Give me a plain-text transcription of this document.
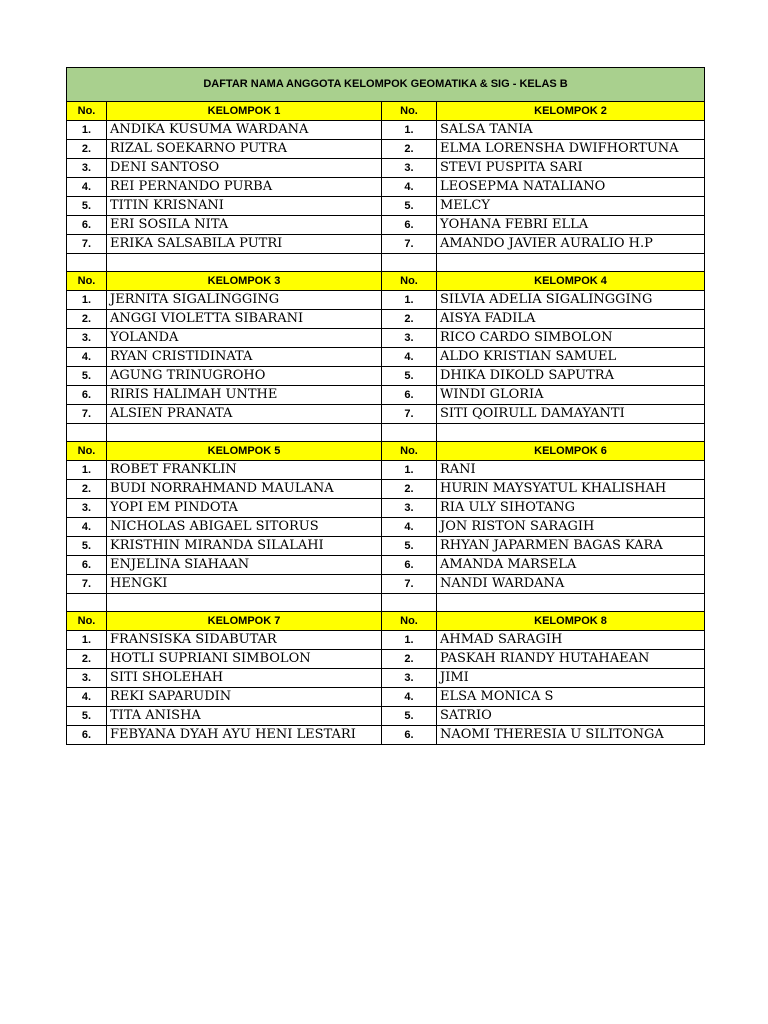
DAFTAR NAMA ANGGOTA KELOMPOK GEOMATIKA & SIG - KELAS B			
No.	KELOMPOK 1	No.	KELOMPOK 2
1.	ANDIKA KUSUMA WARDANA	1.	SALSA TANIA
2.	RIZAL SOEKARNO PUTRA	2.	ELMA LORENSHA DWIFHORTUNA
3.	DENI SANTOSO	3.	STEVI PUSPITA SARI
4.	REI PERNANDO PURBA	4.	LEOSEPMA NATALIANO
5.	TITIN KRISNANI	5.	MELCY
6.	ERI SOSILA NITA	6.	YOHANA FEBRI ELLA
7.	ERIKA SALSABILA PUTRI	7.	AMANDO JAVIER AURALIO H.P

No.	KELOMPOK 3	No.	KELOMPOK 4
1.	JERNITA SIGALINGGING	1.	SILVIA ADELIA SIGALINGGING
2.	ANGGI VIOLETTA SIBARANI	2.	AISYA FADILA
3.	YOLANDA	3.	RICO CARDO SIMBOLON
4.	RYAN CRISTIDINATA	4.	ALDO KRISTIAN SAMUEL
5.	AGUNG TRINUGROHO	5.	DHIKA DIKOLD SAPUTRA
6.	RIRIS HALIMAH UNTHE	6.	WINDI GLORIA
7.	ALSIEN PRANATA	7.	SITI QOIRULL DAMAYANTI

No.	KELOMPOK 5	No.	KELOMPOK 6
1.	ROBET FRANKLIN	1.	RANI
2.	BUDI NORRAHMAND MAULANA	2.	HURIN MAYSYATUL KHALISHAH
3.	YOPI EM PINDOTA	3.	RIA ULY SIHOTANG
4.	NICHOLAS ABIGAEL SITORUS	4.	JON RISTON SARAGIH
5.	KRISTHIN MIRANDA SILALAHI	5.	RHYAN JAPARMEN BAGAS KARA
6.	ENJELINA SIAHAAN	6.	AMANDA MARSELA
7.	HENGKI	7.	NANDI WARDANA

No.	KELOMPOK 7	No.	KELOMPOK 8
1.	FRANSISKA SIDABUTAR	1.	AHMAD SARAGIH
2.	HOTLI SUPRIANI SIMBOLON	2.	PASKAH RIANDY HUTAHAEAN
3.	SITI SHOLEHAH	3.	JIMI
4.	REKI SAPARUDIN	4.	ELSA MONICA S
5.	TITA ANISHA	5.	SATRIO
6.	FEBYANA DYAH AYU HENI LESTARI	6.	NAOMI THERESIA U SILITONGA
